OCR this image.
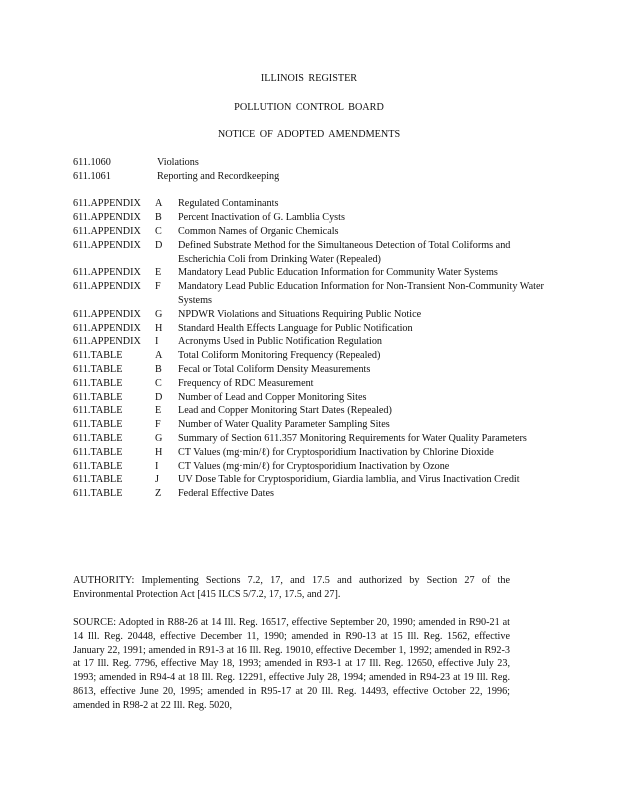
ILLINOIS REGISTER
POLLUTION CONTROL BOARD
NOTICE OF ADOPTED AMENDMENTS
611.1060	Violations
611.1061	Reporting and Recordkeeping
611.APPENDIX	A	Regulated Contaminants
611.APPENDIX	B	Percent Inactivation of G. Lamblia Cysts
611.APPENDIX	C	Common Names of Organic Chemicals
611.APPENDIX	D	Defined Substrate Method for the Simultaneous Detection of Total Coliforms and Escherichia Coli from Drinking Water (Repealed)
611.APPENDIX	E	Mandatory Lead Public Education Information for Community Water Systems
611.APPENDIX	F	Mandatory Lead Public Education Information for Non-Transient Non-Community Water Systems
611.APPENDIX	G	NPDWR Violations and Situations Requiring Public Notice
611.APPENDIX	H	Standard Health Effects Language for Public Notification
611.APPENDIX	I	Acronyms Used in Public Notification Regulation
611.TABLE	A	Total Coliform Monitoring Frequency (Repealed)
611.TABLE	B	Fecal or Total Coliform Density Measurements
611.TABLE	C	Frequency of RDC Measurement
611.TABLE	D	Number of Lead and Copper Monitoring Sites
611.TABLE	E	Lead and Copper Monitoring Start Dates (Repealed)
611.TABLE	F	Number of Water Quality Parameter Sampling Sites
611.TABLE	G	Summary of Section 611.357 Monitoring Requirements for Water Quality Parameters
611.TABLE	H	CT Values (mg·min/ℓ) for Cryptosporidium Inactivation by Chlorine Dioxide
611.TABLE	I	CT Values (mg·min/ℓ) for Cryptosporidium Inactivation by Ozone
611.TABLE	J	UV Dose Table for Cryptosporidium, Giardia lamblia, and Virus Inactivation Credit
611.TABLE	Z	Federal Effective Dates
AUTHORITY: Implementing Sections 7.2, 17, and 17.5 and authorized by Section 27 of the Environmental Protection Act [415 ILCS 5/7.2, 17, 17.5, and 27].
SOURCE: Adopted in R88-26 at 14 Ill. Reg. 16517, effective September 20, 1990; amended in R90-21 at 14 Ill. Reg. 20448, effective December 11, 1990; amended in R90-13 at 15 Ill. Reg. 1562, effective January 22, 1991; amended in R91-3 at 16 Ill. Reg. 19010, effective December 1, 1992; amended in R92-3 at 17 Ill. Reg. 7796, effective May 18, 1993; amended in R93-1 at 17 Ill. Reg. 12650, effective July 23, 1993; amended in R94-4 at 18 Ill. Reg. 12291, effective July 28, 1994; amended in R94-23 at 19 Ill. Reg. 8613, effective June 20, 1995; amended in R95-17 at 20 Ill. Reg. 14493, effective October 22, 1996; amended in R98-2 at 22 Ill. Reg. 5020,
